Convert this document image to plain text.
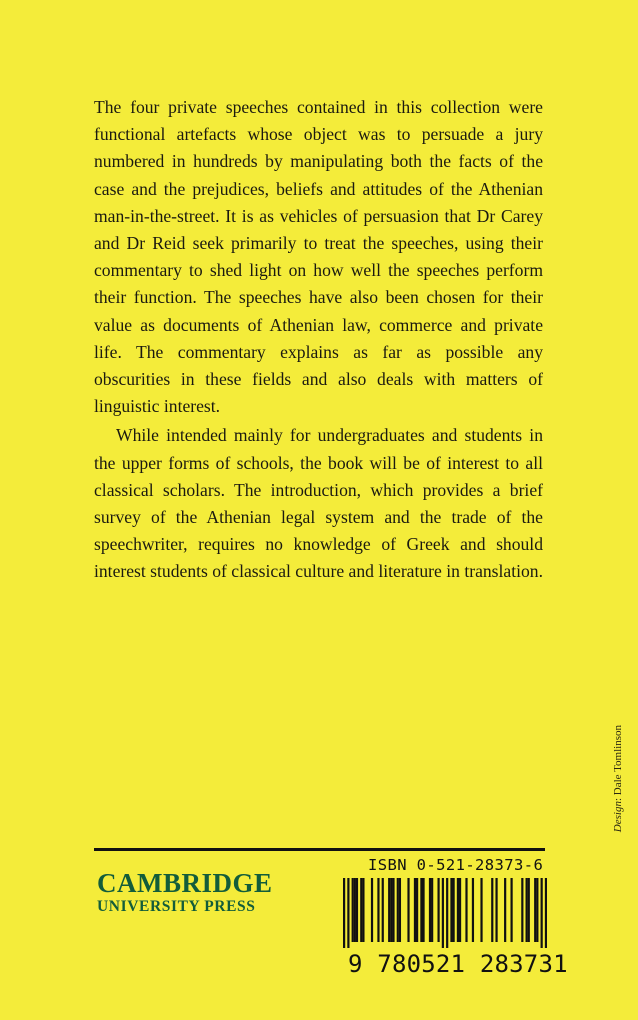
The four private speeches contained in this collection were functional artefacts whose object was to persuade a jury numbered in hundreds by manipulating both the facts of the case and the prejudices, beliefs and attitudes of the Athenian man-in-the-street. It is as vehicles of persuasion that Dr Carey and Dr Reid seek primarily to treat the speeches, using their commentary to shed light on how well the speeches perform their function. The speeches have also been chosen for their value as documents of Athenian law, commerce and private life. The commentary explains as far as possible any obscurities in these fields and also deals with matters of linguistic interest.

While intended mainly for undergraduates and students in the upper forms of schools, the book will be of interest to all classical scholars. The introduction, which provides a brief survey of the Athenian legal system and the trade of the speechwriter, requires no knowledge of Greek and should interest students of classical culture and literature in translation.

Design: Dale Tomlinson
CAMBRIDGE
UNIVERSITY PRESS
ISBN 0-521-28373-6
9 780521 283731
